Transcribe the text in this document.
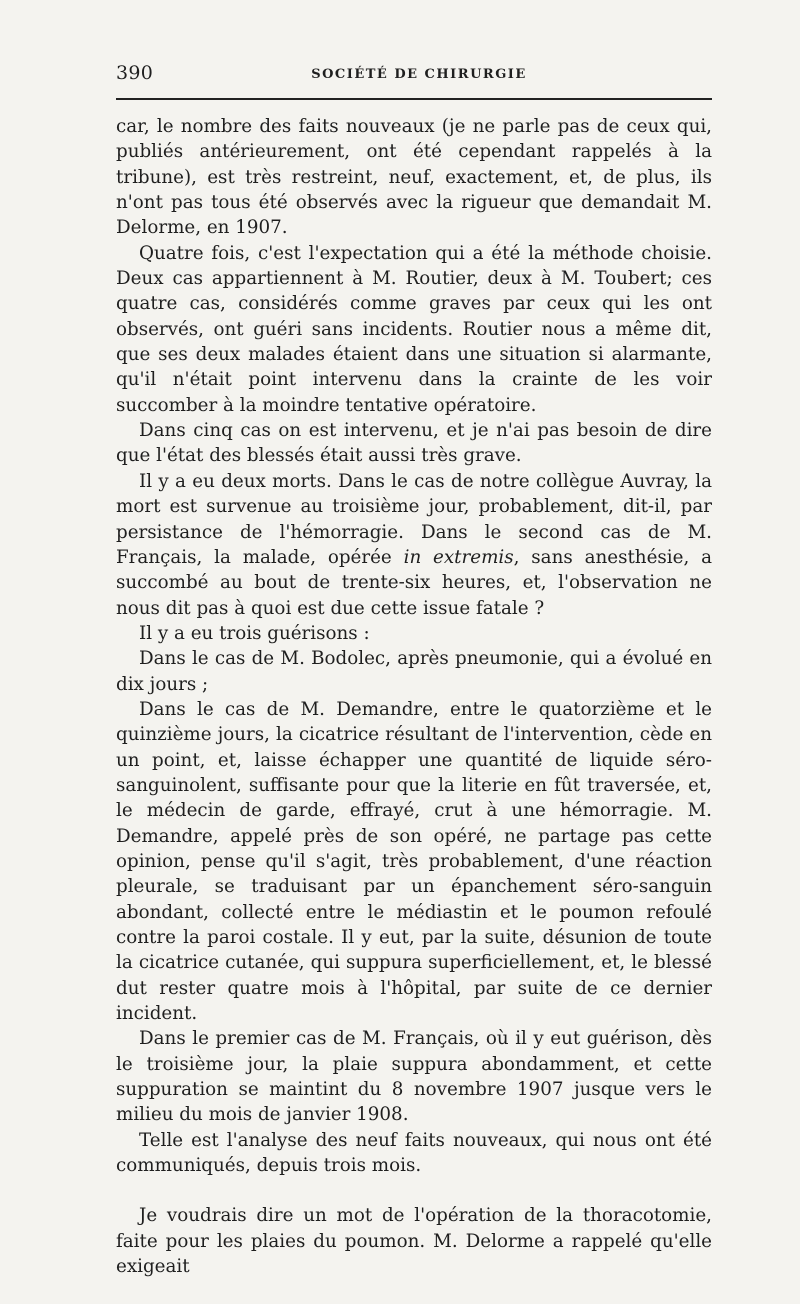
390	SOCIÉTÉ DE CHIRURGIE

car, le nombre des faits nouveaux (je ne parle pas de ceux qui, publiés antérieurement, ont été cependant rappelés à la tribune), est très restreint, neuf, exactement, et, de plus, ils n'ont pas tous été observés avec la rigueur que demandait M. Delorme, en 1907.

Quatre fois, c'est l'expectation qui a été la méthode choisie. Deux cas appartiennent à M. Routier, deux à M. Toubert; ces quatre cas, considérés comme graves par ceux qui les ont observés, ont guéri sans incidents. Routier nous a même dit, que ses deux malades étaient dans une situation si alarmante, qu'il n'était point intervenu dans la crainte de les voir succomber à la moindre tentative opératoire.

Dans cinq cas on est intervenu, et je n'ai pas besoin de dire que l'état des blessés était aussi très grave.

Il y a eu deux morts. Dans le cas de notre collègue Auvray, la mort est survenue au troisième jour, probablement, dit-il, par persistance de l'hémorragie. Dans le second cas de M. Français, la malade, opérée in extremis, sans anesthésie, a succombé au bout de trente-six heures, et, l'observation ne nous dit pas à quoi est due cette issue fatale ?

Il y a eu trois guérisons :

Dans le cas de M. Bodolec, après pneumonie, qui a évolué en dix jours ;

Dans le cas de M. Demandre, entre le quatorzième et le quinzième jours, la cicatrice résultant de l'intervention, cède en un point, et, laisse échapper une quantité de liquide séro-sanguinolent, suffisante pour que la literie en fût traversée, et, le médecin de garde, effrayé, crut à une hémorragie. M. Demandre, appelé près de son opéré, ne partage pas cette opinion, pense qu'il s'agit, très probablement, d'une réaction pleurale, se traduisant par un épanchement séro-sanguin abondant, collecté entre le médiastin et le poumon refoulé contre la paroi costale. Il y eut, par la suite, désunion de toute la cicatrice cutanée, qui suppura superficiellement, et, le blessé dut rester quatre mois à l'hôpital, par suite de ce dernier incident.

Dans le premier cas de M. Français, où il y eut guérison, dès le troisième jour, la plaie suppura abondamment, et cette suppuration se maintint du 8 novembre 1907 jusque vers le milieu du mois de janvier 1908.

Telle est l'analyse des neuf faits nouveaux, qui nous ont été communiqués, depuis trois mois.

Je voudrais dire un mot de l'opération de la thoracotomie, faite pour les plaies du poumon. M. Delorme a rappelé qu'elle exigeait
